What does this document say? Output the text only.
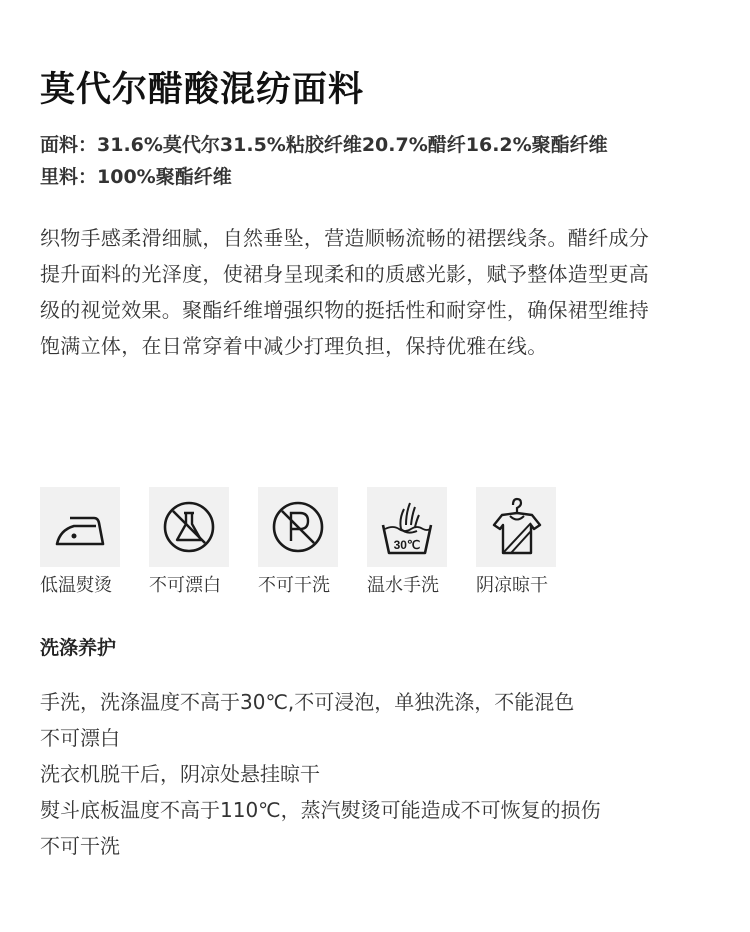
莫代尔醋酸混纺面料
面料：31.6%莫代尔31.5%粘胶纤维20.7%醋纤16.2%聚酯纤维
里料：100%聚酯纤维
织物手感柔滑细腻，自然垂坠，营造顺畅流畅的裙摆线条。醋纤成分
提升面料的光泽度，使裙身呈现柔和的质感光影，赋予整体造型更高
级的视觉效果。聚酯纤维增强织物的挺括性和耐穿性，确保裙型维持
饱满立体，在日常穿着中减少打理负担，保持优雅在线。
低温熨烫	不可漂白	不可干洗
30℃
温水手洗	阴凉晾干
洗涤养护
手洗，洗涤温度不高于30℃,不可浸泡，单独洗涤，不能混色
不可漂白
洗衣机脱干后，阴凉处悬挂晾干
熨斗底板温度不高于110℃，蒸汽熨烫可能造成不可恢复的损伤
不可干洗
